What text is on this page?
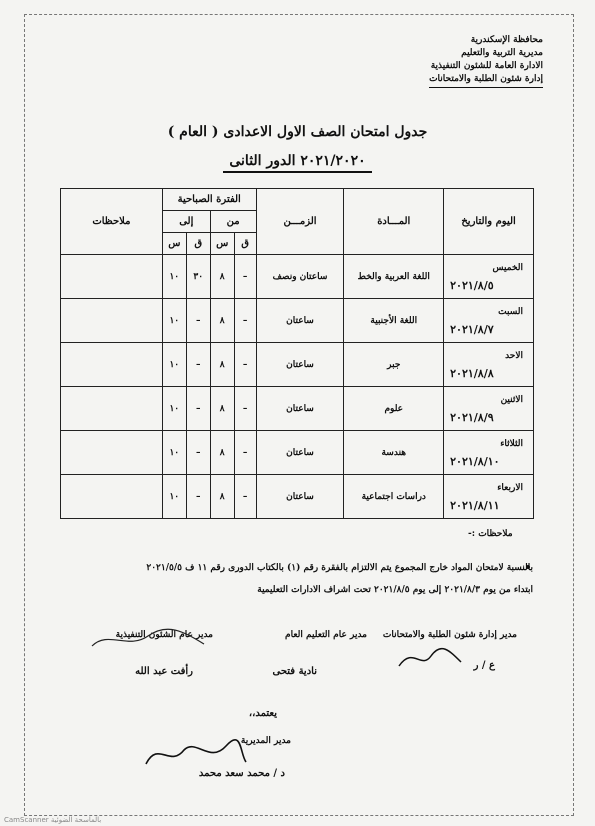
محافظة الإسكندرية
مديرية التربية والتعليم
الادارة العامة للشئون التنفيذية
إدارة شئون الطلبة والامتحانات
جدول امتحان الصف الاول الاعدادى ( العام )
٢٠٢١/٢٠٢٠ الدور الثانى
اليوم والتاريخ	المـــادة	الزمـــن	الفترة الصباحية				ملاحظات
			من		إلى		
			ق	س	ق	س	

الخميس
٢٠٢١/٨/٥	اللغة العربية والخط	ساعتان ونصف	–	٨	٣٠	١٠	

السبت
٢٠٢١/٨/٧	اللغة الأجنبية	ساعتان	–	٨	–	١٠	

الاحد
٢٠٢١/٨/٨	جبر	ساعتان	–	٨	–	١٠	

الاثنين
٢٠٢١/٨/٩	علوم	ساعتان	–	٨	–	١٠	

الثلاثاء
٢٠٢١/٨/١٠	هندسة	ساعتان	–	٨	–	١٠	

الاربعاء
٢٠٢١/٨/١١	دراسات اجتماعية	ساعتان	–	٨	–	١٠	
ملاحظات :-
بالنسبة لامتحان المواد خارج المجموع يتم الالتزام بالفقرة رقم (١) بالكتاب الدورى رقم ١١ ف ٢٠٢١/٥/٥
ابتداء من يوم ٢٠٢١/٨/٣ إلى يوم ٢٠٢١/٨/٥ تحت اشراف الادارات التعليمية
مدير إدارة شئون الطلبة والامتحانات
ع / ر
مدير عام التعليم العام
نادية فتحى
مدير عام الشئون التنفيذية
رأفت عبد الله
يعتمد،،
مدير المديرية
د / محمد سعد محمد
CamScanner بالماسحة الضوئية
